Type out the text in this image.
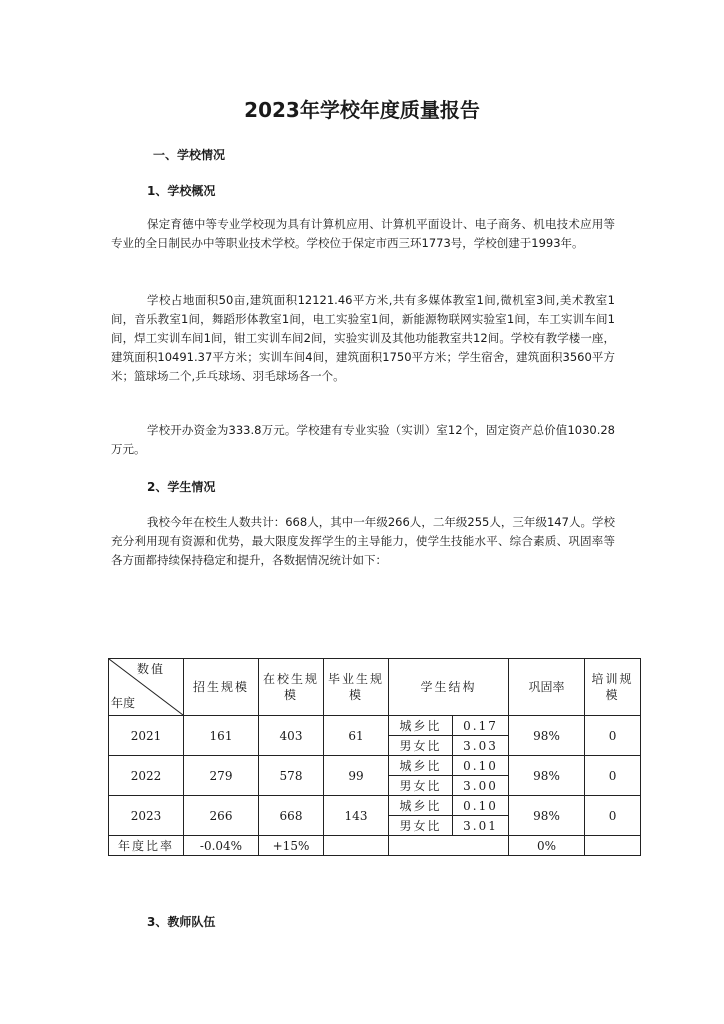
2023年学校年度质量报告
一、学校情况
1、学校概况
保定育德中等专业学校现为具有计算机应用、计算机平面设计、电子商务、机电技术应用等专业的全日制民办中等职业技术学校。学校位于保定市西三环1773号，学校创建于1993年。
学校占地面积50亩,建筑面积12121.46平方米,共有多媒体教室1间,微机室3间,美术教室1间，音乐教室1间，舞蹈形体教室1间，电工实验室1间，新能源物联网实验室1间，车工实训车间1间，焊工实训车间1间，钳工实训车间2间，实验实训及其他功能教室共12间。学校有教学楼一座，建筑面积10491.37平方米；实训车间4间，建筑面积1750平方米；学生宿舍，建筑面积3560平方米；篮球场二个,乒乓球场、羽毛球场各一个。
学校开办资金为333.8万元。学校建有专业实验（实训）室12个，固定资产总价值1030.28万元。
2、学生情况
我校今年在校生人数共计：668人，其中一年级266人，二年级255人，三年级147人。学校充分利用现有资源和优势，最大限度发挥学生的主导能力，使学生技能水平、综合素质、巩固率等各方面都持续保持稳定和提升，各数据情况统计如下：
数值
年度	招生规模	在校生规模	毕业生规模	学生结构		巩固率	培训规模
2021	161	403	61	城乡比	0.17	98%	0
				男女比	3.03		
2022	279	578	99	城乡比	0.10	98%	0
				男女比	3.00		
2023	266	668	143	城乡比	0.10	98%	0
				男女比	3.01		
年度比率	-0.04%	+15%				0%	
3、教师队伍
